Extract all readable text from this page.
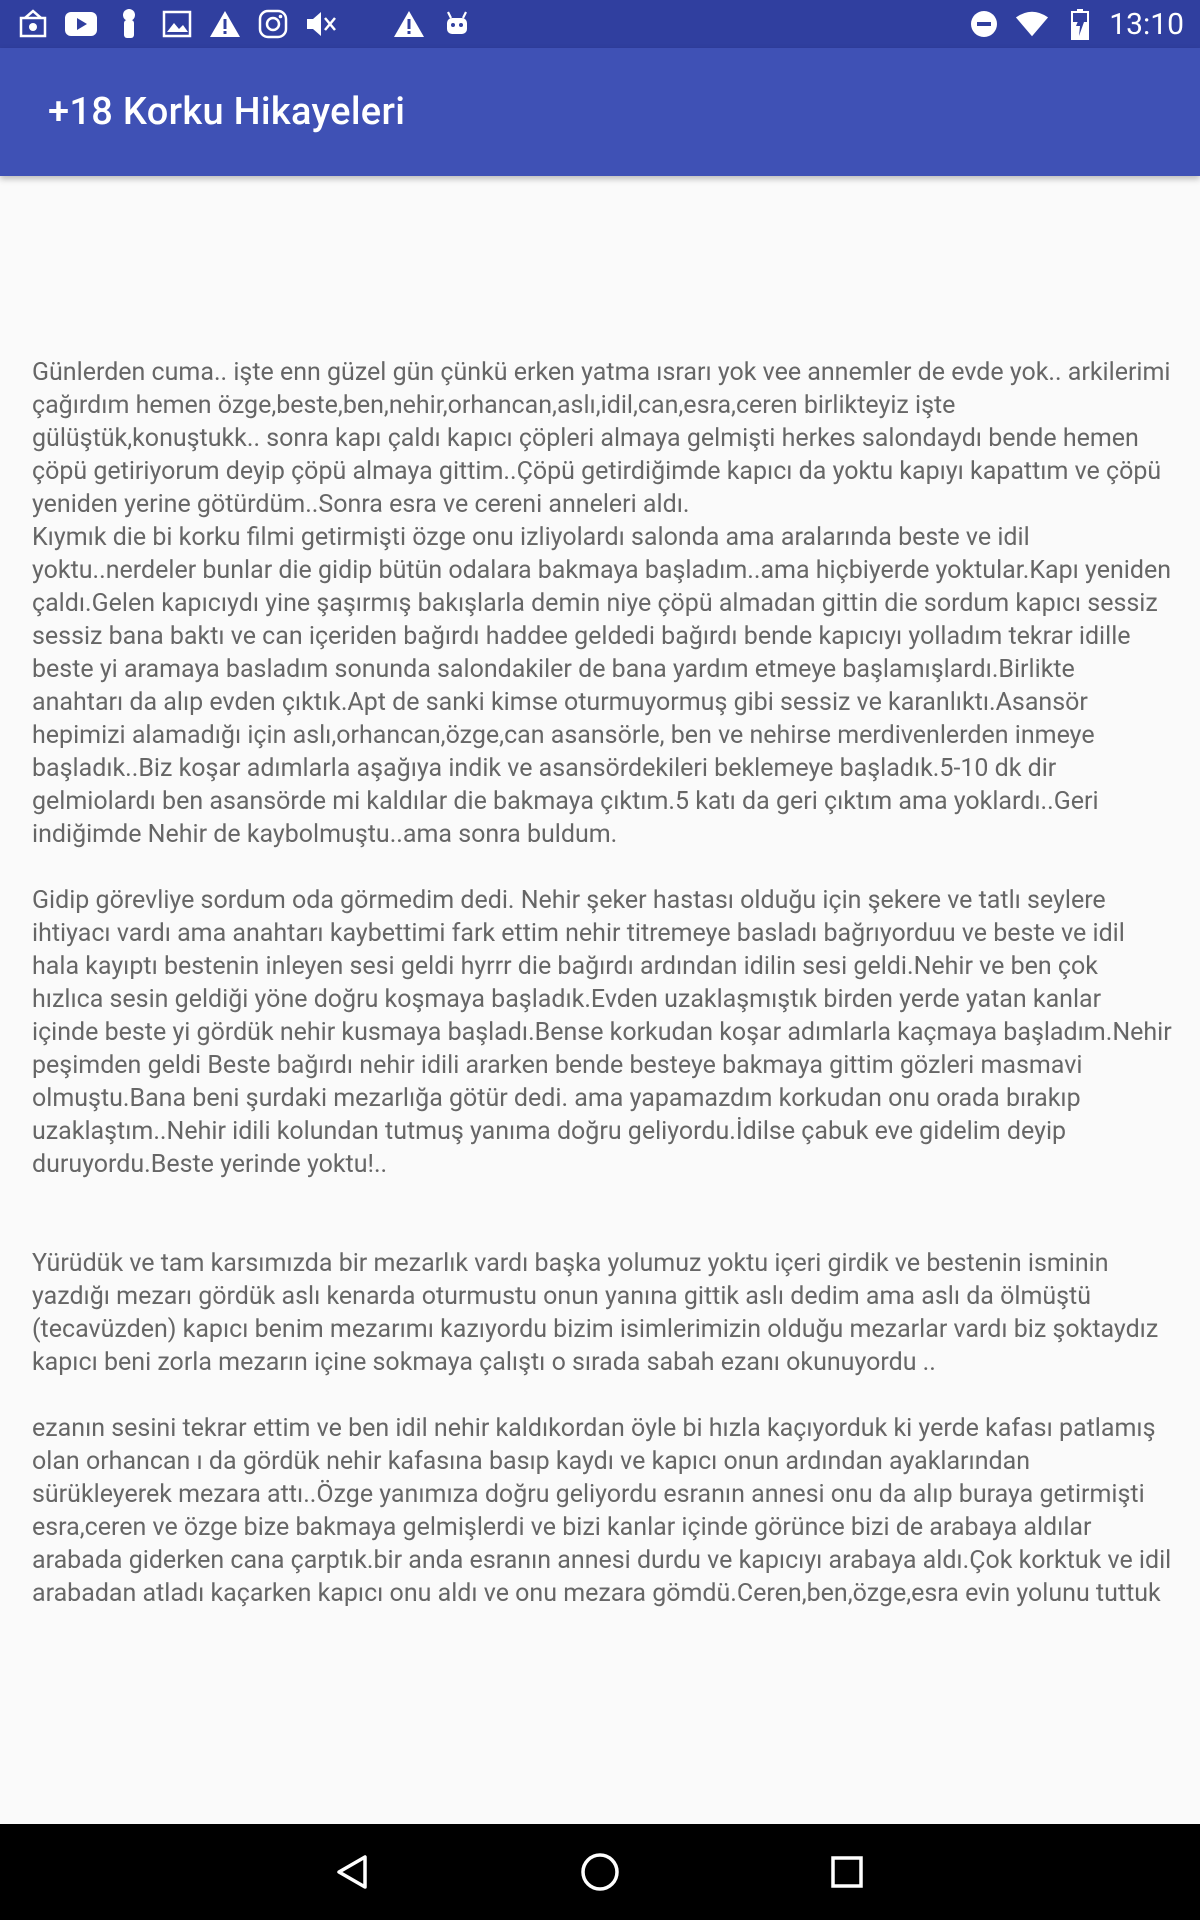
13:10
+18 Korku Hikayeleri

Günlerden cuma.. işte enn güzel gün çünkü erken yatma ısrarı yok vee annemler de evde yok.. arkilerimi çağırdım hemen özge,beste,ben,nehir,orhancan,aslı,idil,can,esra,ceren birlikteyiz işte gülüştük,konuştukk.. sonra kapı çaldı kapıcı çöpleri almaya gelmişti herkes salondaydı bende hemen çöpü getiriyorum deyip çöpü almaya gittim..Çöpü getirdiğimde kapıcı da yoktu kapıyı kapattım ve çöpü yeniden yerine götürdüm..Sonra esra ve cereni anneleri aldı.

Kıymık die bi korku filmi getirmişti özge onu izliyolardı salonda ama aralarında beste ve idil yoktu..nerdeler bunlar die gidip bütün odalara bakmaya başladım..ama hiçbiyerde yoktular.Kapı yeniden çaldı.Gelen kapıcıydı yine şaşırmış bakışlarla demin niye çöpü almadan gittin die sordum kapıcı sessiz sessiz bana baktı ve can içeriden bağırdı haddee geldedi bağırdı bende kapıcıyı yolladım tekrar idille beste yi aramaya basladım sonunda salondakiler de bana yardım etmeye başlamışlardı.Birlikte anahtarı da alıp evden çıktık.Apt de sanki kimse oturmuyormuş gibi sessiz ve karanlıktı.Asansör hepimizi alamadığı için aslı,orhancan,özge,can asansörle, ben ve nehirse merdivenlerden inmeye başladık..Biz koşar adımlarla aşağıya indik ve asansördekileri beklemeye başladık.5-10 dk dir gelmiolardı ben asansörde mi kaldılar die bakmaya çıktım.5 katı da geri çıktım ama yoklardı..Geri indiğimde Nehir de kaybolmuştu..ama sonra buldum.

Gidip görevliye sordum oda görmedim dedi. Nehir şeker hastası olduğu için şekere ve tatlı seylere ihtiyacı vardı ama anahtarı kaybettimi fark ettim nehir titremeye basladı bağrıyorduu ve beste ve idil hala kayıptı bestenin inleyen sesi geldi hyrrr die bağırdı ardından idilin sesi geldi.Nehir ve ben çok hızlıca sesin geldiği yöne doğru koşmaya başladık.Evden uzaklaşmıştık birden yerde yatan kanlar içinde beste yi gördük nehir kusmaya başladı.Bense korkudan koşar adımlarla kaçmaya başladım.Nehir peşimden geldi Beste bağırdı nehir idili ararken bende besteye bakmaya gittim gözleri masmavi olmuştu.Bana beni şurdaki mezarlığa götür dedi. ama yapamazdım korkudan onu orada bırakıp uzaklaştım..Nehir idili kolundan tutmuş yanıma doğru geliyordu.İdilse çabuk eve gidelim deyip duruyordu.Beste yerinde yoktu!..

Yürüdük ve tam karsımızda bir mezarlık vardı başka yolumuz yoktu içeri girdik ve bestenin isminin yazdığı mezarı gördük aslı kenarda oturmustu onun yanına gittik aslı dedim ama aslı da ölmüştü (tecavüzden) kapıcı benim mezarımı kazıyordu bizim isimlerimizin olduğu mezarlar vardı biz şoktaydız kapıcı beni zorla mezarın içine sokmaya çalıştı o sırada sabah ezanı okunuyordu ..

ezanın sesini tekrar ettim ve ben idil nehir kaldıkordan öyle bi hızla kaçıyorduk ki yerde kafası patlamış olan orhancan ı da gördük nehir kafasına basıp kaydı ve kapıcı onun ardından ayaklarından sürükleyerek mezara attı..Özge yanımıza doğru geliyordu esranın annesi onu da alıp buraya getirmişti esra,ceren ve özge bize bakmaya gelmişlerdi ve bizi kanlar içinde görünce bizi de arabaya aldılar arabada giderken cana çarptık.bir anda esranın annesi durdu ve kapıcıyı arabaya aldı.Çok korktuk ve idil arabadan atladı kaçarken kapıcı onu aldı ve onu mezara gömdü.Ceren,ben,özge,esra evin yolunu tuttuk
